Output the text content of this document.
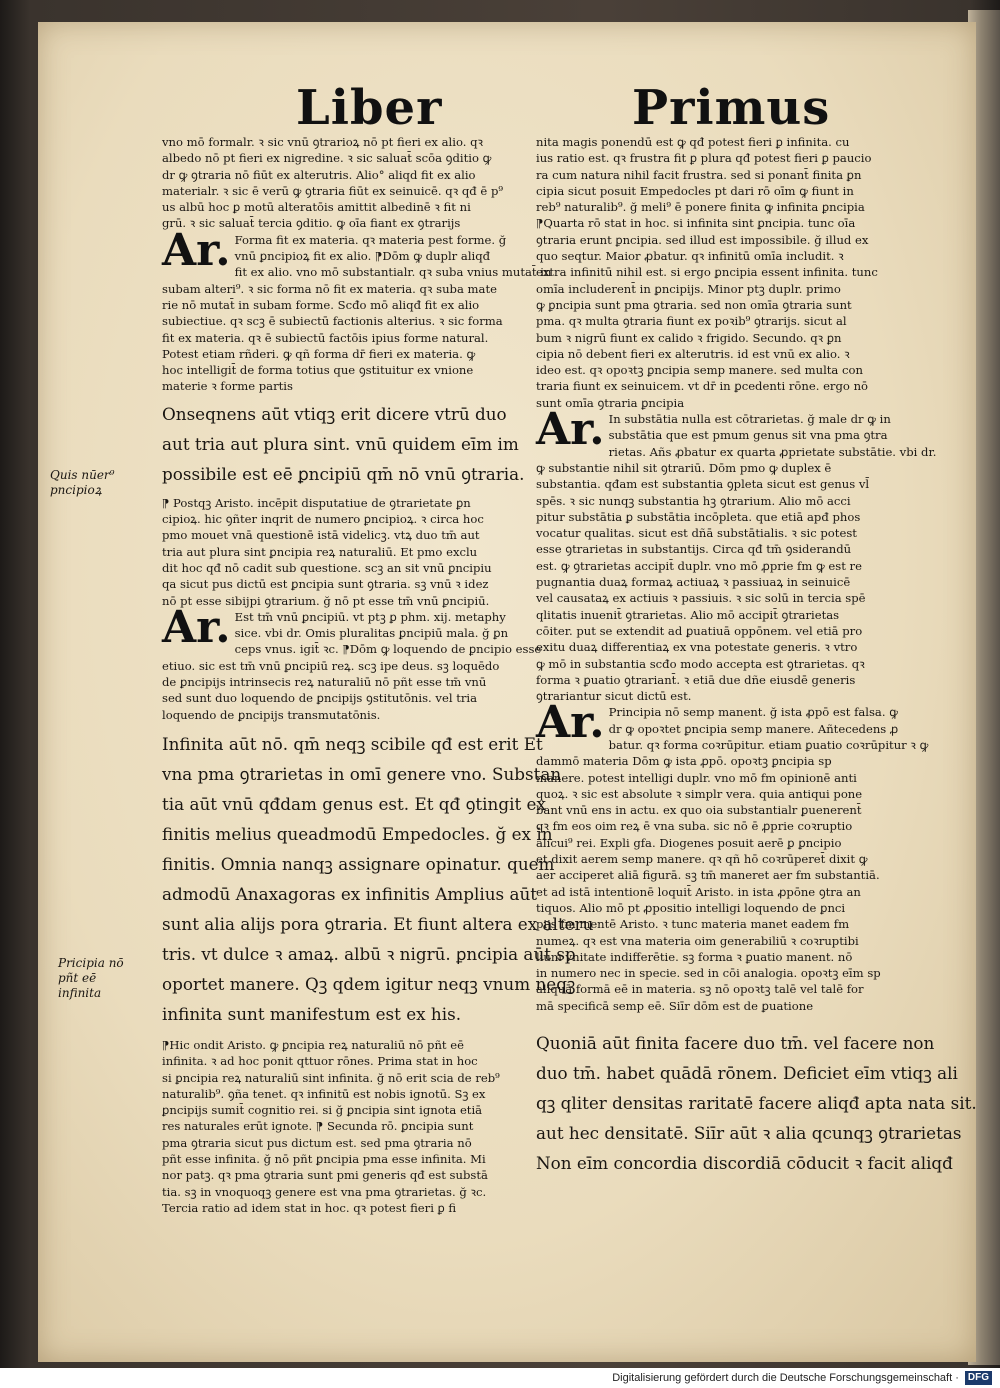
Liber	Primus
Quis nūer⁹ pncipioꝝ
Pricipia nō pñt eē infinita

vno mō formalr. ꝛ sic vnū ꝯtrarioꝝ nō pt fieri ex alio. qꝛ

albedo nō pt fieri ex nigredine. ꝛ sic saluat̄ scōa ꝯditio ꝙ

dr ꝙ ꝯtraria nō fiūt ex alterutris. Alio° aliqd fit ex alio

materialr. ꝛ sic ē verū ꝙ ꝯtraria fiūt ex seinuicē. qꝛ qđ ē p⁹

us albū hoc ꝑ motū alteratōis amittit albedinē ꝛ fit ni

grū. ꝛ sic saluat̄ tercia ꝯditio. ꝙ oīa fiant ex ꝯtrarijs

Ar. Forma fit ex materia. qꝛ materia pest forme. ğ

vnū ꝑncipioꝝ fit ex alio. ⁋Dōm ꝙ duplr aliqđ

fit ex alio. vno mō substantialr. qꝛ suba vnius mutat̄ in

subam alteri⁹. ꝛ sic forma nō fit ex materia. qꝛ suba mate

rie nō mutat̄ in subam forme. Scđo mō aliqđ fit ex alio

subiectiue. qꝛ scꝫ ē subiectū factionis alterius. ꝛ sic forma

fit ex materia. qꝛ ē subiectū factōis ipius forme natural.

Potest etiam rñderi. ꝙ qñ forma dr̄ fieri ex materia. ꝙ

hoc intelligit̄ de forma totius que ꝯstituitur ex vnione

materie ꝛ forme partis

Onseqnens aūt vtiqꝫ erit dicere vtrū duo

aut tria aut plura sint. vnū quidem eīm im

possibile est eē ꝑncipiū qm̄ nō vnū ꝯtraria.

⁋ Postqꝫ Aristo. incēpit disputatiue de ꝯtrarietate ꝑn

cipioꝝ. hic ꝯñter inqrit de numero ꝑncipioꝝ. ꝛ circa hoc

pmo mouet vnā questionē istā videlicꝫ. vtꝝ duo tm̄ aut

tria aut plura sint ꝑncipia reꝝ naturaliū. Et pmo exclu

dit hoc qđ nō cadit sub questione. scꝫ an sit vnū ꝑncipiu

qa sicut pus dictū est ꝑncipia sunt ꝯtraria. sꝫ vnū ꝛ idez

nō pt esse sibijpi ꝯtrarium. ğ nō pt esse tm̄ vnū ꝑncipiū.

Ar. Est tm̄ vnū ꝑncipiū. vt ptꝫ ꝑ phm. xij. metaphy

sice. vbi dr. Omis pluralitas ꝑncipiū mala. ğ ꝑn

ceps vnus. igit̄ ꝛc. ⁋Dōm ꝙ loquendo de ꝑncipio esse

etiuo. sic est tm̄ vnū ꝑncipiū reꝝ. scꝫ ipe deus. sꝫ loquēdo

de ꝑncipijs intrinsecis reꝝ naturaliū nō pñt esse tm̄ vnū

sed sunt duo loquendo de ꝑncipijs ꝯstitutōnis. vel tria

loquendo de ꝑncipijs transmutatōnis.

Infinita aūt nō. qm̄ neqꝫ scibile qđ est erit Et

vna pma ꝯtrarietas in omī genere vno. Substan

tia aūt vnū qđdam genus est. Et qđ ꝯtingit ex

finitis melius queadmodū Empedocles. ğ ex in

finitis. Omnia nanqꝫ assignare opinatur. quem

admodū Anaxagoras ex infinitis Amplius aūt

sunt alia alijs pora ꝯtraria. Et fiunt altera ex alteru

tris. vt dulce ꝛ amaꝝ. albū ꝛ nigrū. ꝑncipia aūt sp

oportet manere. Qꝫ qdem igitur neqꝫ vnum neqꝫ

infinita sunt manifestum est ex his.

⁋Hic ondit Aristo. ꝙ ꝑncipia reꝝ naturaliū nō pñt eē

infinita. ꝛ ad hoc ponit qttuor rōnes. Prima stat in hoc

si ꝑncipia reꝝ naturaliū sint infinita. ğ nō erit scia de reb⁹

naturalib⁹. ꝯña tenet. qꝛ infinitū est nobis ignotū. Sꝫ ex

ꝑncipijs sumit̄ cognitio rei. si ğ ꝑncipia sint ignota etiā

res naturales erūt ignote. ⁋ Secunda rō. ꝑncipia sunt

pma ꝯtraria sicut pus dictum est. sed pma ꝯtraria nō

pñt esse infinita. ğ nō pñt ꝑncipia pma esse infinita. Mi

nor patꝫ. qꝛ pma ꝯtraria sunt pmi generis qđ est substā

tia. sꝫ in vnoquoqꝫ genere est vna pma ꝯtrarietas. ğ ꝛc.

Tercia ratio ad idem stat in hoc. qꝛ potest fieri ꝑ fi

nita magis ponendū est ꝙ qđ potest fieri ꝑ infinita. cu

ius ratio est. qꝛ frustra fit ꝑ plura qđ potest fieri ꝑ paucio

ra cum natura nihil facit frustra. sed si ponant̄ finita ꝑn

cipia sicut posuit Empedocles pt dari rō oīm ꝙ fiunt in

reb⁹ naturalib⁹. ğ meli⁹ ē ponere finita ꝙ infinita ꝑncipia

⁋Quarta rō stat in hoc. si infinita sint ꝑncipia. tunc oīa

ꝯtraria erunt ꝑncipia. sed illud est impossibile. ğ illud ex

quo seqtur. Maior ꝓbatur. qꝛ infinitū omīa includit. ꝛ

extra infinitū nihil est. si ergo ꝑncipia essent infinita. tunc

omīa includerent̄ in ꝑncipijs. Minor ptꝫ duplr. primo

ꝙ ꝑncipia sunt pma ꝯtraria. sed non omīa ꝯtraria sunt

pma. qꝛ multa ꝯtraria fiunt ex poꝛib⁹ ꝯtrarijs. sicut al

bum ꝛ nigrū fiunt ex calido ꝛ frigido. Secundo. qꝛ ꝑn

cipia nō debent fieri ex alterutris. id est vnū ex alio. ꝛ

ideo est. qꝛ opoꝛtꝫ ꝑncipia semp manere. sed multa con

traria fiunt ex seinuicem. vt dr̄ in ꝑcedenti rōne. ergo nō

sunt omīa ꝯtraria ꝑncipia

Ar. In substātia nulla est cōtrarietas. ğ male dr ꝙ in

substātia que est pmum genus sit vna pma ꝯtra

rietas. Añs ꝓbatur ex quarta ꝓprietate substātie. vbi dr.

ꝙ substantie nihil sit ꝯtrariū. Dōm pmo ꝙ duplex ē

substantia. qđam est substantia ꝯpleta sicut est genus vl̄

spēs. ꝛ sic nunqꝫ substantia hꝫ ꝯtrarium. Alio mō acci

pitur substātia ꝑ substātia incōpleta. que etiā apđ phos

vocatur qualitas. sicut est dñā substātialis. ꝛ sic potest

esse ꝯtrarietas in substantijs. Circa qđ tm̄ ꝯsiderandū

est. ꝙ ꝯtrarietas accipit̄ duplr. vno mō ꝓprie fm ꝙ est re

pugnantia duaꝝ formaꝝ actiuaꝝ ꝛ passiuaꝝ in seinuicē

vel causataꝝ ex actiuis ꝛ passiuis. ꝛ sic solū in tercia spē

qlitatis inuenit̄ ꝯtrarietas. Alio mō accipit̄ ꝯtrarietas

cōiter. put se extendit ad ꝑuatiuā oppōnem. vel etiā pro

exitu duaꝝ differentiaꝝ ex vna potestate generis. ꝛ vtro

ꝙ mō in substantia scđo modo accepta est ꝯtrarietas. qꝛ

forma ꝛ ꝑuatio ꝯtrariant̄. ꝛ etiā due dñe eiusdē generis

ꝯtrariantur sicut dictū est.

Ar. Principia nō semp manent. ğ ista ꝓpō est falsa. ꝙ

dr ꝙ opoꝛtet ꝑncipia semp manere. Añtecedens ꝓ

batur. qꝛ forma coꝛrūpitur. etiam ꝑuatio coꝛrūpitur ꝛ ꝙ

dammō materia Dōm ꝙ ista ꝓpō. opoꝛtꝫ ꝑncipia sp

manere. potest intelligi duplr. vno mō fm opinionē anti

quoꝝ. ꝛ sic est absolute ꝛ simplr vera. quia antiqui pone

bant vnū ens in actu. ex quo oia substantialr ꝑuenerent̄

qꝛ fm eos oim reꝝ ē vna suba. sic nō ē ꝓprie coꝛruptio

alicui⁹ rei. Expli gfa. Diogenes posuit aerē ꝑ ꝑncipio

et dixit aerem semp manere. qꝛ qñ hō coꝛrūperet̄ dixit ꝙ

aer acciperet aliā figurā. sꝫ tm̄ maneret aer fm substantiā.

et ad istā intentionē loquit̄ Aristo. in ista ꝓpōne ꝯtra an

tiquos. Alio mō pt ꝓpositio intelligi loquendo de ꝑnci

pijs fm mentē Aristo. ꝛ tunc materia manet eadem fm

numeꝝ. qꝛ est vna materia oim generabiliū ꝛ coꝛruptibi

lium vnitate indifferētie. sꝫ forma ꝛ ꝑuatio manent. nō

in numero nec in specie. sed in cōi analogia. opoꝛtꝫ eīm sp

aliquā formā eē in materia. sꝫ nō opoꝛtꝫ talē vel talē for

mā specificā semp eē. Siīr dōm est de ꝑuatione

Quoniā aūt finita facere duo tm̄. vel facere non

duo tm̄. habet quādā rōnem. Deficiet eīm vtiqꝫ ali

qꝫ qliter densitas raritatē facere aliqđ apta nata sit.

aut hec densitatē. Siīr aūt ꝛ alia qcunqꝫ ꝯtrarietas

Non eīm concordia discordiā cōducit ꝛ facit aliqđ

Digitalisierung gefördert durch die Deutsche Forschungsgemeinschaft · DFG
